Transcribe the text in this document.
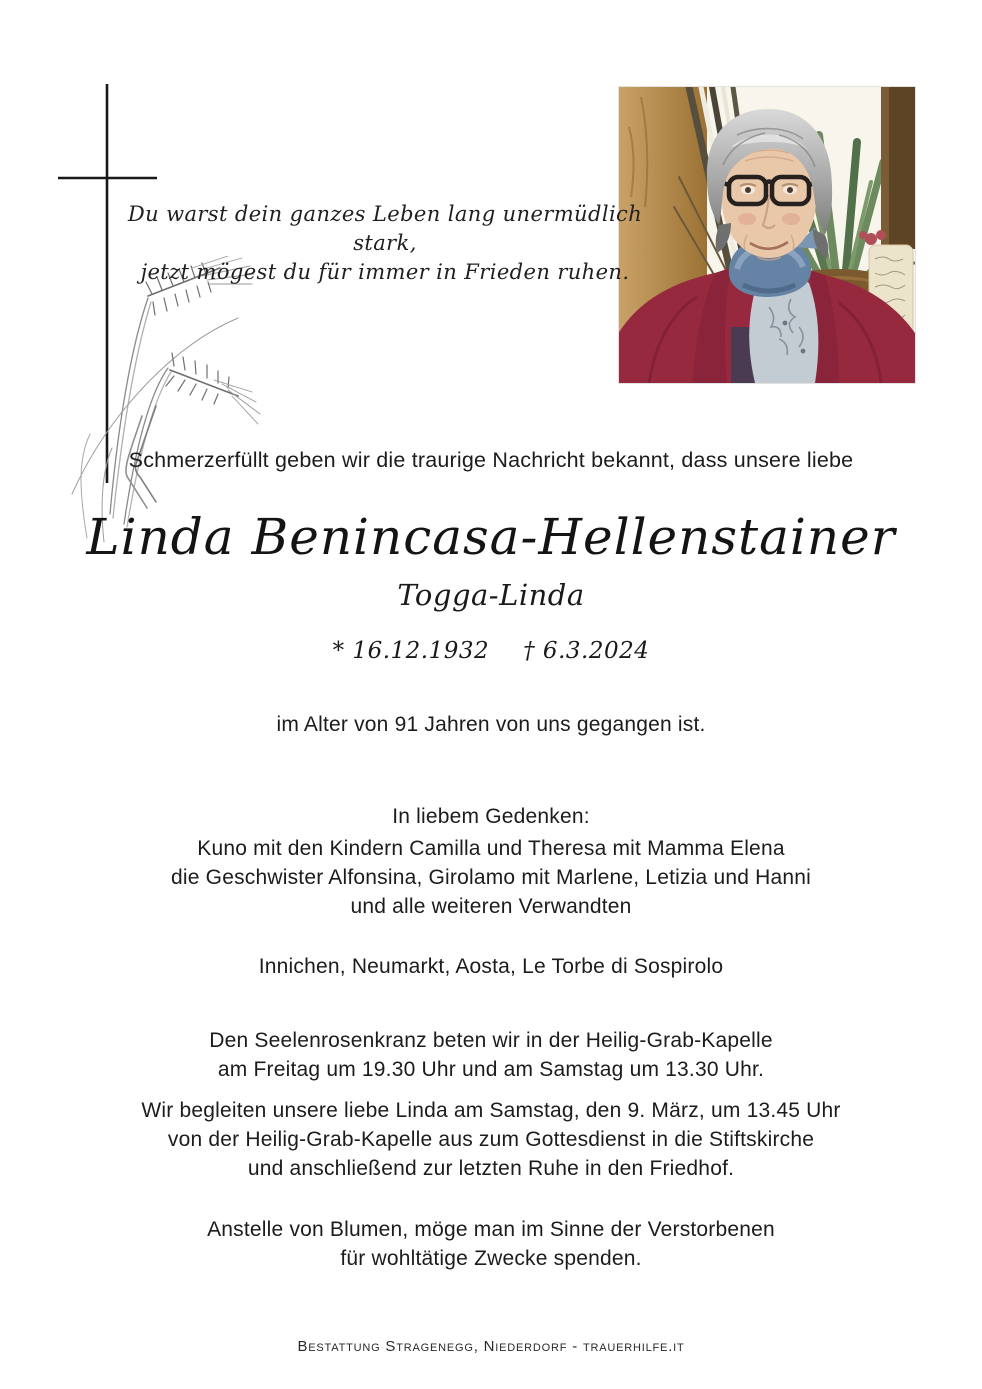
Du warst dein ganzes Leben lang unermüdlich stark,
jetzt mögest du für immer in Frieden ruhen.
Schmerzerfüllt geben wir die traurige Nachricht bekannt, dass unsere liebe
Linda Benincasa-Hellenstainer
Togga-Linda
* 16.12.1932 † 6.3.2024
im Alter von 91 Jahren von uns gegangen ist.
In liebem Gedenken:
Kuno mit den Kindern Camilla und Theresa mit Mamma Elena
die Geschwister Alfonsina, Girolamo mit Marlene, Letizia und Hanni
und alle weiteren Verwandten
Innichen, Neumarkt, Aosta, Le Torbe di Sospirolo
Den Seelenrosenkranz beten wir in der Heilig-Grab-Kapelle
am Freitag um 19.30 Uhr und am Samstag um 13.30 Uhr.
Wir begleiten unsere liebe Linda am Samstag, den 9. März, um 13.45 Uhr
von der Heilig-Grab-Kapelle aus zum Gottesdienst in die Stiftskirche
und anschließend zur letzten Ruhe in den Friedhof.
Anstelle von Blumen, möge man im Sinne der Verstorbenen
für wohltätige Zwecke spenden.
Bestattung Stragenegg, Niederdorf - trauerhilfe.it
